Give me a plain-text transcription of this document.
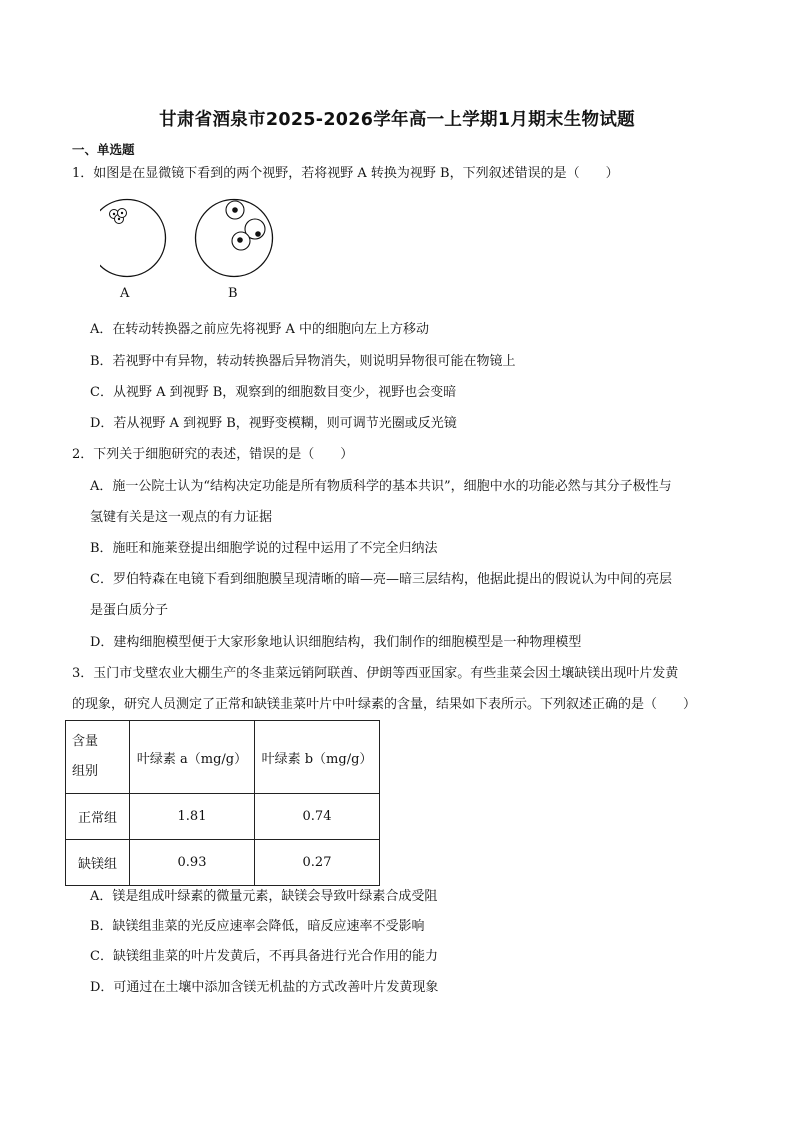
甘肃省酒泉市2025-2026学年高一上学期1月期末生物试题
一、单选题
1．如图是在显微镜下看到的两个视野，若将视野 A 转换为视野 B，下列叙述错误的是（　　）
A	B
A．在转动转换器之前应先将视野 A 中的细胞向左上方移动
B．若视野中有异物，转动转换器后异物消失，则说明异物很可能在物镜上
C．从视野 A 到视野 B，观察到的细胞数目变少，视野也会变暗
D．若从视野 A 到视野 B，视野变模糊，则可调节光圈或反光镜
2．下列关于细胞研究的表述，错误的是（　　）
A．施一公院士认为“结构决定功能是所有物质科学的基本共识”，细胞中水的功能必然与其分子极性与
氢键有关是这一观点的有力证据
B．施旺和施莱登提出细胞学说的过程中运用了不完全归纳法
C．罗伯特森在电镜下看到细胞膜呈现清晰的暗—亮—暗三层结构，他据此提出的假说认为中间的亮层
是蛋白质分子
D．建构细胞模型便于大家形象地认识细胞结构，我们制作的细胞模型是一种物理模型
3．玉门市戈壁农业大棚生产的冬韭菜远销阿联酋、伊朗等西亚国家。有些韭菜会因土壤缺镁出现叶片发黄
的现象，研究人员测定了正常和缺镁韭菜叶片中叶绿素的含量，结果如下表所示。下列叙述正确的是（　　）
含量
组别	叶绿素 a（mg/g）	叶绿素 b（mg/g）
正常组	1.81	0.74
缺镁组	0.93	0.27
A．镁是组成叶绿素的微量元素，缺镁会导致叶绿素合成受阻
B．缺镁组韭菜的光反应速率会降低，暗反应速率不受影响
C．缺镁组韭菜的叶片发黄后，不再具备进行光合作用的能力
D．可通过在土壤中添加含镁无机盐的方式改善叶片发黄现象
